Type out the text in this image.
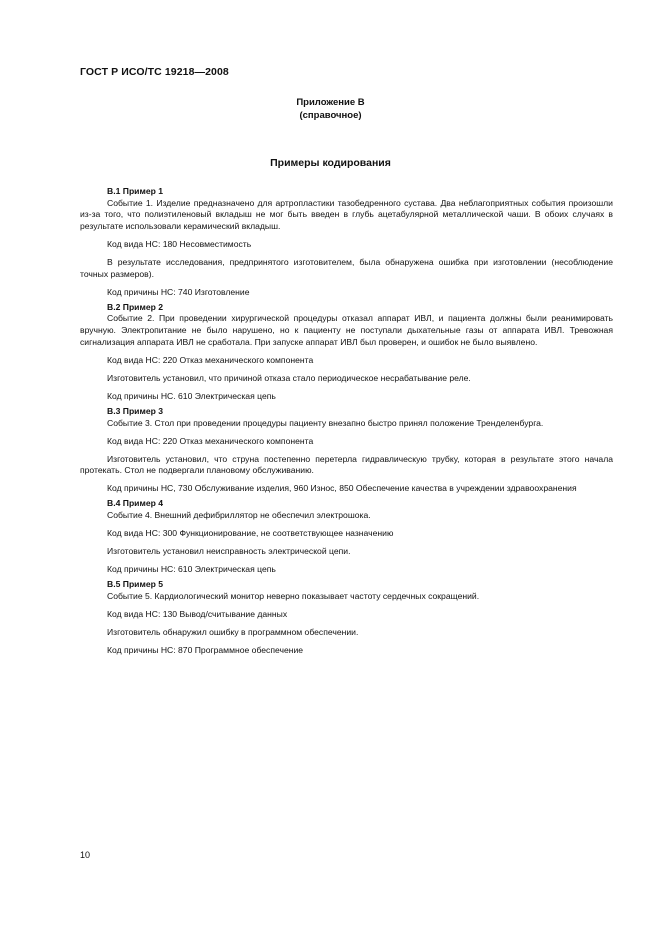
ГОСТ Р ИСО/ТС 19218—2008
Приложение В
(справочное)
Примеры кодирования

В.1 Пример 1

Событие 1. Изделие предназначено для артропластики тазобедренного сустава. Два неблагоприятных события произошли из-за того, что полиэтиленовый вкладыш не мог быть введен в глубь ацетабулярной металлической чаши. В обоих случаях в результате использовали керамический вкладыш.

Код вида НС: 180 Несовместимость

В результате исследования, предпринятого изготовителем, была обнаружена ошибка при изготовлении (несоблюдение точных размеров).

Код причины НС: 740 Изготовление

В.2 Пример 2

Событие 2. При проведении хирургической процедуры отказал аппарат ИВЛ, и пациента должны были реанимировать вручную. Электропитание не было нарушено, но к пациенту не поступали дыхательные газы от аппарата ИВЛ. Тревожная сигнализация аппарата ИВЛ не сработала. При запуске аппарат ИВЛ был проверен, и ошибок не было выявлено.

Код вида НС: 220 Отказ механического компонента

Изготовитель установил, что причиной отказа стало периодическое несрабатывание реле.

Код причины НС. 610 Электрическая цепь

В.3 Пример 3

Событие 3. Стол при проведении процедуры пациенту внезапно быстро принял положение Тренделенбурга.

Код вида НС: 220 Отказ механического компонента

Изготовитель установил, что струна постепенно перетерла гидравлическую трубку, которая в результате этого начала протекать. Стол не подвергали плановому обслуживанию.

Код причины НС, 730 Обслуживание изделия, 960 Износ, 850 Обеспечение качества в учреждении здравоохранения

В.4 Пример 4

Событие 4. Внешний дефибриллятор не обеспечил электрошока.

Код вида НС: 300 Функционирование, не соответствующее назначению

Изготовитель установил неисправность электрической цепи.

Код причины НС: 610 Электрическая цепь

В.5 Пример 5

Событие 5. Кардиологический монитор неверно показывает частоту сердечных сокращений.

Код вида НС: 130 Вывод/считывание данных

Изготовитель обнаружил ошибку в программном обеспечении.

Код причины НС: 870 Программное обеспечение

10
